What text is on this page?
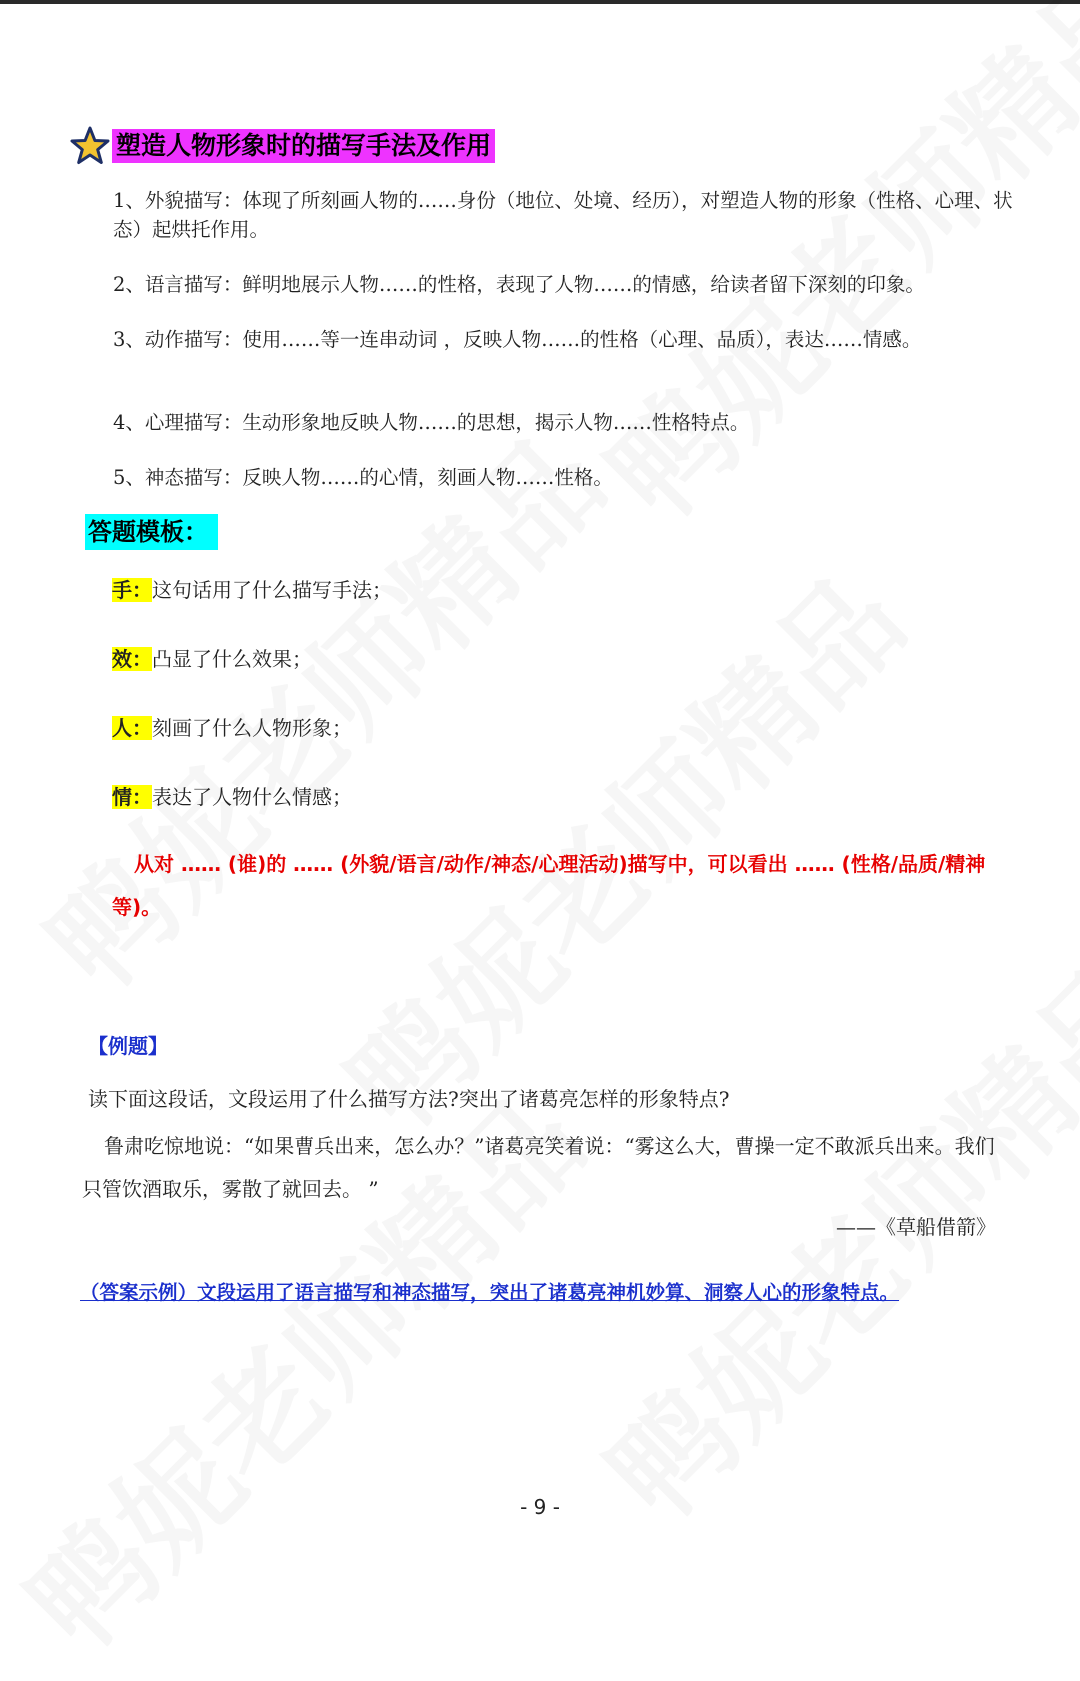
塑造人物形象时的描写手法及作用
1、外貌描写：体现了所刻画人物的……身份（地位、处境、经历），对塑造人物的形象（性格、心理、状态）起烘托作用。
2、语言描写：鲜明地展示人物……的性格，表现了人物……的情感，给读者留下深刻的印象。
3、动作描写：使用……等一连串动词 ，反映人物……的性格（心理、品质），表达……情感。
4、心理描写：生动形象地反映人物……的思想，揭示人物……性格特点。
5、神态描写：反映人物……的心情，刻画人物……性格。
答题模板：
手：这句话用了什么描写手法；
效：凸显了什么效果；
人：刻画了什么人物形象；
情：表达了人物什么情感；
从对 …… (谁)的 …… (外貌/语言/动作/神态/心理活动)描写中，可以看出 …… (性格/品质/精神等)。
【例题】
读下面这段话，文段运用了什么描写方法?突出了诸葛亮怎样的形象特点?
鲁肃吃惊地说：“如果曹兵出来，怎么办？”诸葛亮笑着说：“雾这么大，曹操一定不敢派兵出来。我们只管饮酒取乐，雾散了就回去。 ”
——《草船借箭》
（答案示例）文段运用了语言描写和神态描写，突出了诸葛亮神机妙算、洞察人心的形象特点。
- 9 -
